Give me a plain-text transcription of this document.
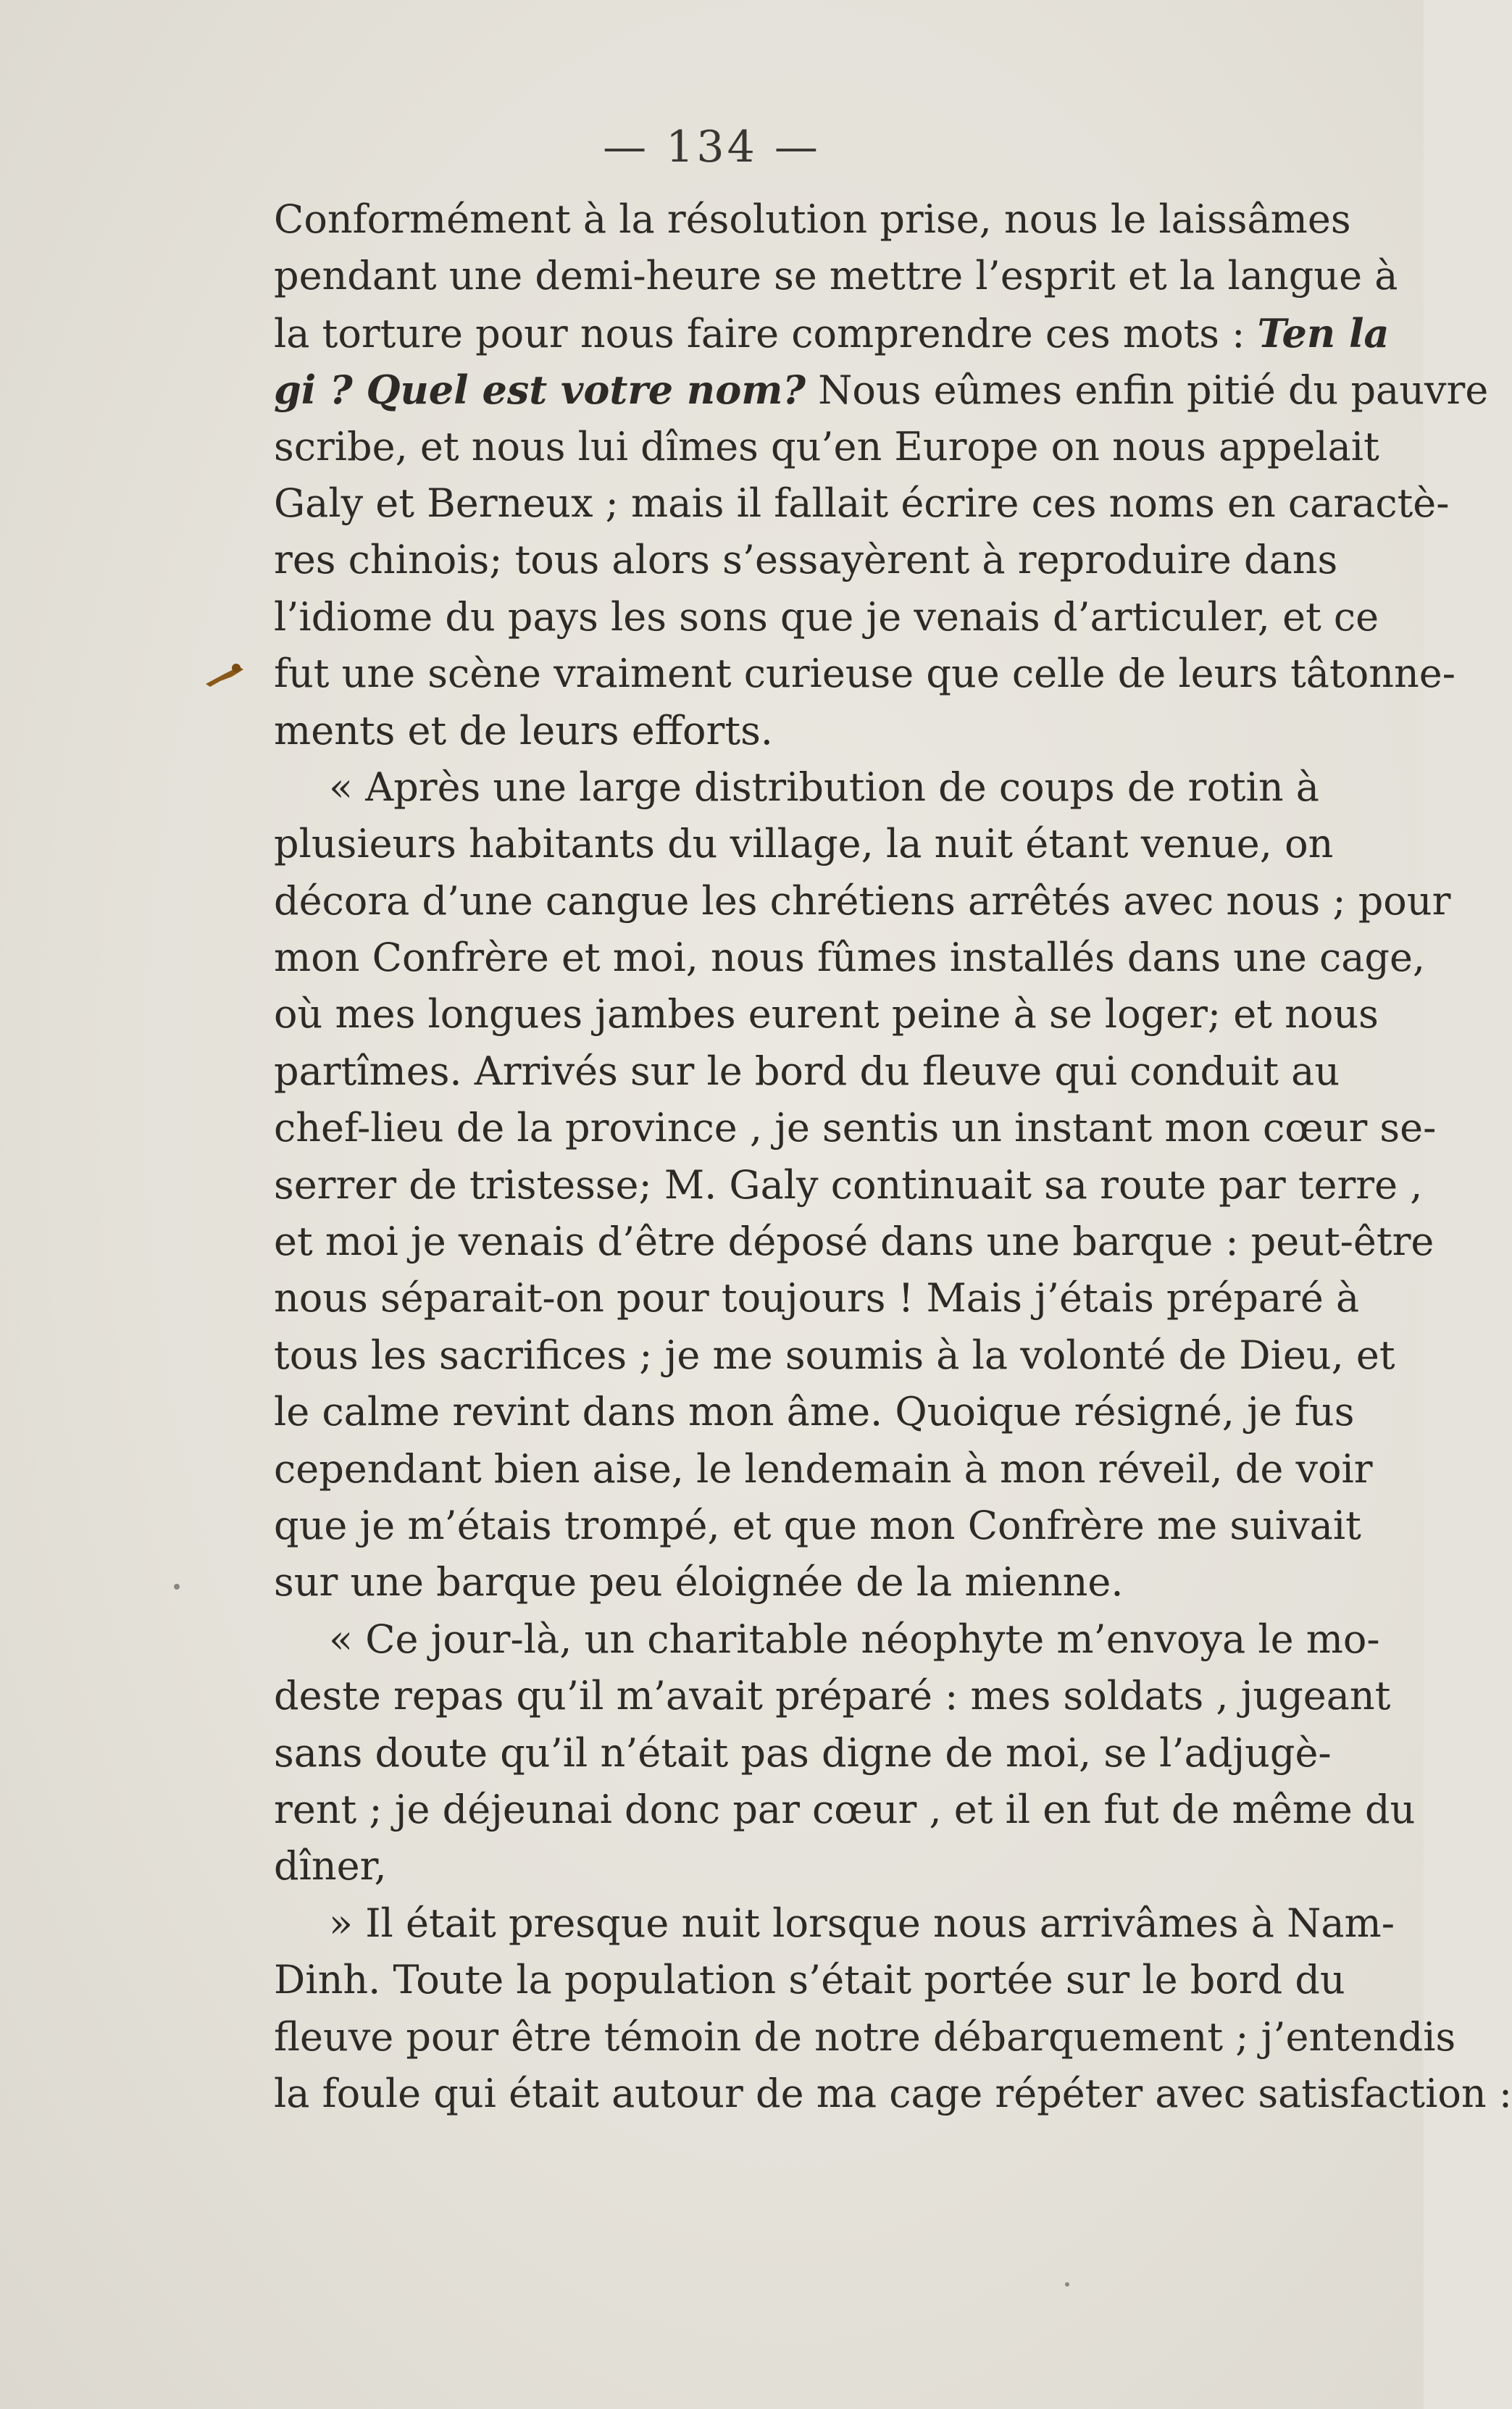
— 134 —
Conformément à la résolution prise, nous le laissâmes
pendant une demi-heure se mettre l’esprit et la langue à
la torture pour nous faire comprendre ces mots : Ten la
gi ? Quel est votre nom? Nous eûmes enfin pitié du pauvre
scribe, et nous lui dîmes qu’en Europe on nous appelait
Galy et Berneux ; mais il fallait écrire ces noms en caractè-
res chinois; tous alors s’essayèrent à reproduire dans
l’idiome du pays les sons que je venais d’articuler, et ce
fut une scène vraiment curieuse que celle de leurs tâtonne-
ments et de leurs efforts.
« Après une large distribution de coups de rotin à
plusieurs habitants du village, la nuit étant venue, on
décora d’une cangue les chrétiens arrêtés avec nous ; pour
mon Confrère et moi, nous fûmes installés dans une cage,
où mes longues jambes eurent peine à se loger; et nous
partîmes. Arrivés sur le bord du fleuve qui conduit au
chef-lieu de la province , je sentis un instant mon cœur se-
serrer de tristesse; M. Galy continuait sa route par terre ,
et moi je venais d’être déposé dans une barque : peut-être
nous séparait-on pour toujours ! Mais j’étais préparé à
tous les sacrifices ; je me soumis à la volonté de Dieu, et
le calme revint dans mon âme. Quoique résigné, je fus
cependant bien aise, le lendemain à mon réveil, de voir
que je m’étais trompé, et que mon Confrère me suivait
sur une barque peu éloignée de la mienne.
« Ce jour-là, un charitable néophyte m’envoya le mo-
deste repas qu’il m’avait préparé : mes soldats , jugeant
sans doute qu’il n’était pas digne de moi, se l’adjugè-
rent ; je déjeunai donc par cœur , et il en fut de même du
dîner,
» Il était presque nuit lorsque nous arrivâmes à Nam-
Dinh. Toute la population s’était portée sur le bord du
fleuve pour être témoin de notre débarquement ; j’entendis
la foule qui était autour de ma cage répéter avec satisfaction :
